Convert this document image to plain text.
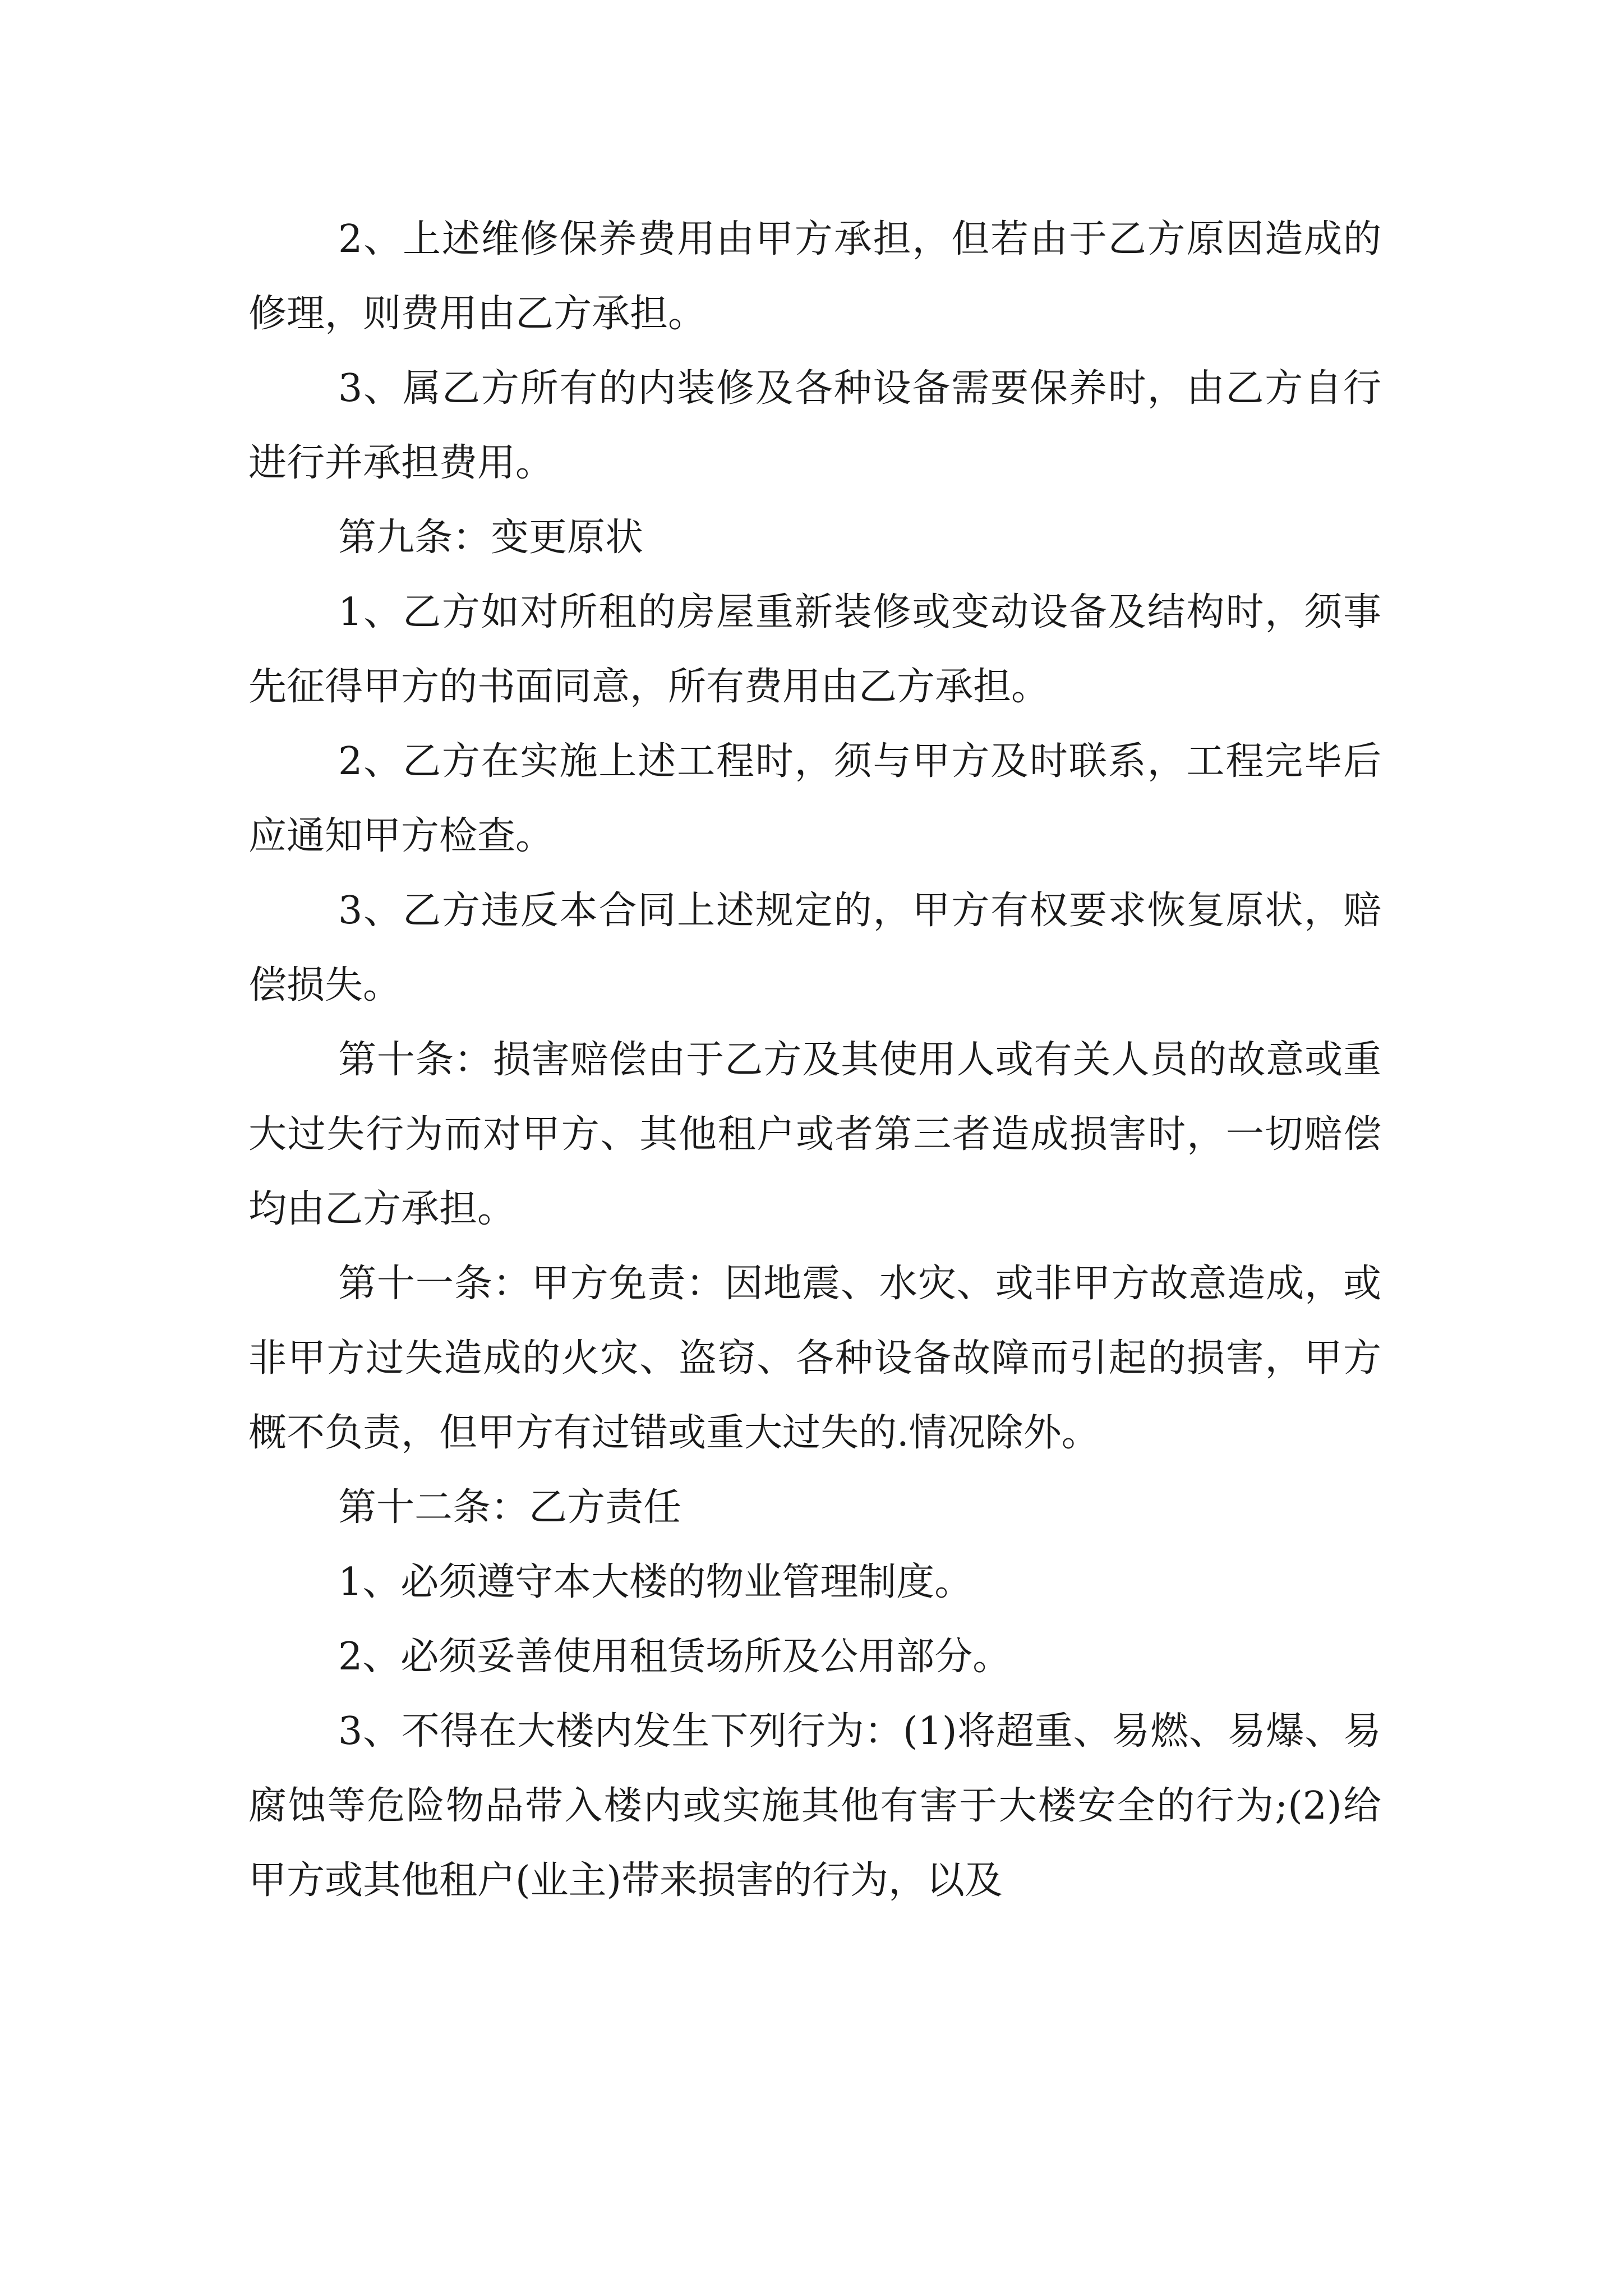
2、上述维修保养费用由甲方承担，但若由于乙方原因造成的修理，则费用由乙方承担。

3、属乙方所有的内装修及各种设备需要保养时，由乙方自行进行并承担费用。

第九条：变更原状

1、乙方如对所租的房屋重新装修或变动设备及结构时，须事先征得甲方的书面同意，所有费用由乙方承担。

2、乙方在实施上述工程时，须与甲方及时联系，工程完毕后应通知甲方检查。

3、乙方违反本合同上述规定的，甲方有权要求恢复原状，赔偿损失。

第十条：损害赔偿由于乙方及其使用人或有关人员的故意或重大过失行为而对甲方、其他租户或者第三者造成损害时，一切赔偿均由乙方承担。

第十一条：甲方免责：因地震、水灾、或非甲方故意造成，或非甲方过失造成的火灾、盗窃、各种设备故障而引起的损害，甲方概不负责，但甲方有过错或重大过失的.情况除外。

第十二条：乙方责任

1、必须遵守本大楼的物业管理制度。

2、必须妥善使用租赁场所及公用部分。

3、不得在大楼内发生下列行为：(1)将超重、易燃、易爆、易腐蚀等危险物品带入楼内或实施其他有害于大楼安全的行为;(2)给甲方或其他租户(业主)带来损害的行为，以及
